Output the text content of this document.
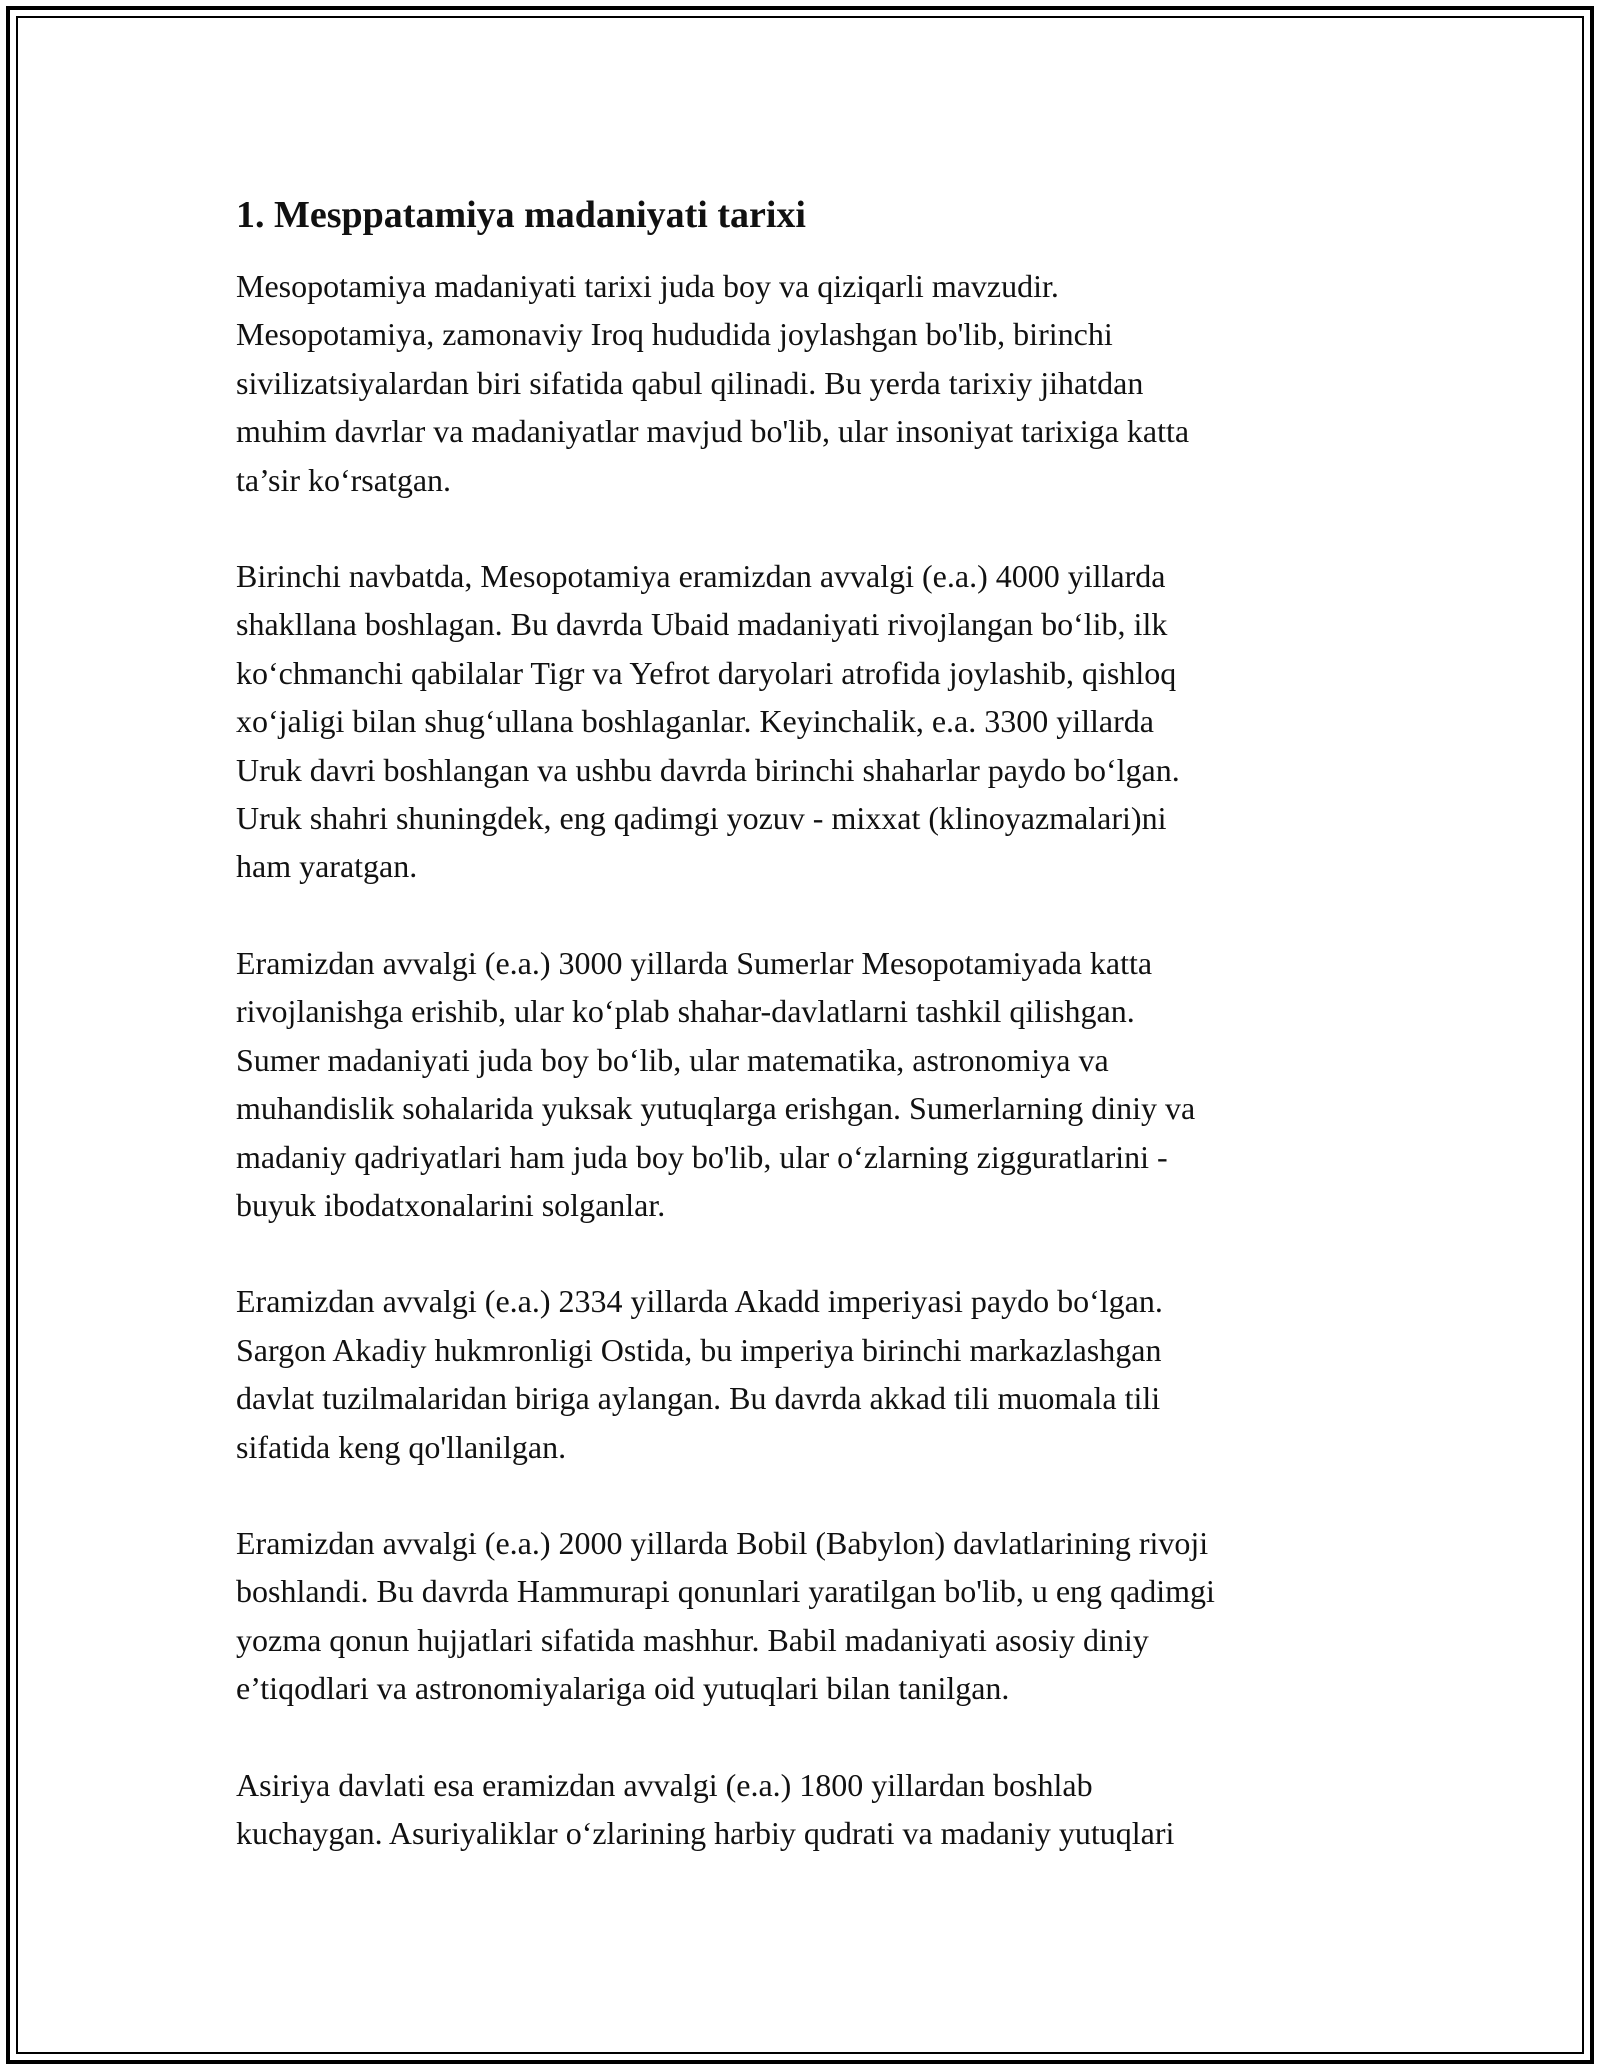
1. Mesppatamiya madaniyati tarixi
Mesopotamiya madaniyati tarixi juda boy va qiziqarli mavzudir.
Mesopotamiya, zamonaviy Iroq hududida joylashgan bo'lib, birinchi
sivilizatsiyalardan biri sifatida qabul qilinadi. Bu yerda tarixiy jihatdan
muhim davrlar va madaniyatlar mavjud bo'lib, ular insoniyat tarixiga katta
ta’sir ko‘rsatgan.
Birinchi navbatda, Mesopotamiya eramizdan avvalgi (e.a.) 4000 yillarda
shakllana boshlagan. Bu davrda Ubaid madaniyati rivojlangan bo‘lib, ilk
ko‘chmanchi qabilalar Tigr va Yefrot daryolari atrofida joylashib, qishloq
xo‘jaligi bilan shug‘ullana boshlaganlar. Keyinchalik, e.a. 3300 yillarda
Uruk davri boshlangan va ushbu davrda birinchi shaharlar paydo bo‘lgan.
Uruk shahri shuningdek, eng qadimgi yozuv - mixxat (klinoyazmalari)ni
ham yaratgan.
Eramizdan avvalgi (e.a.) 3000 yillarda Sumerlar Mesopotamiyada katta
rivojlanishga erishib, ular ko‘plab shahar-davlatlarni tashkil qilishgan.
Sumer madaniyati juda boy bo‘lib, ular matematika, astronomiya va
muhandislik sohalarida yuksak yutuqlarga erishgan. Sumerlarning diniy va
madaniy qadriyatlari ham juda boy bo'lib, ular o‘zlarning zigguratlarini -
buyuk ibodatxonalarini solganlar.
Eramizdan avvalgi (e.a.) 2334 yillarda Akadd imperiyasi paydo bo‘lgan.
Sargon Akadiy hukmronligi Ostida, bu imperiya birinchi markazlashgan
davlat tuzilmalaridan biriga aylangan. Bu davrda akkad tili muomala tili
sifatida keng qo'llanilgan.
Eramizdan avvalgi (e.a.) 2000 yillarda Bobil (Babylon) davlatlarining rivoji
boshlandi. Bu davrda Hammurapi qonunlari yaratilgan bo'lib, u eng qadimgi
yozma qonun hujjatlari sifatida mashhur. Babil madaniyati asosiy diniy
e’tiqodlari va astronomiyalariga oid yutuqlari bilan tanilgan.
Asiriya davlati esa eramizdan avvalgi (e.a.) 1800 yillardan boshlab
kuchaygan. Asuriyaliklar o‘zlarining harbiy qudrati va madaniy yutuqlari
